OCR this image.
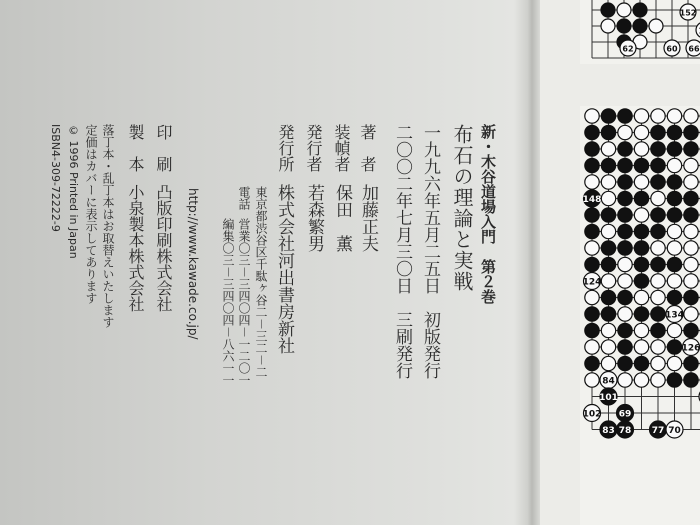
新・木谷道場入門　第２巻
布石の理論と実戦
一九九六年五月二五日　初版発行
二〇〇二年七月三〇日　三刷発行
著　者
加藤正夫
装幀者
保田　薫
発行者
若森繁男
発行所
株式会社河出書房新社
東京都渋谷区千駄ヶ谷二－三二－二
電話
営業〇三－三四〇四－一二〇一
編集〇三－三四〇四－八六一一
http://www.kawade.co.jp/
印　刷
凸版印刷株式会社
製　本
小泉製本株式会社
落丁本・乱丁本はお取替えいたします
定価はカバーに表示してあります
© 1996 Printed in Japan
ISBN4-309-72222-9
152
62	60 66
148
124
134
126
84
101
102 69
83 78 77 70
